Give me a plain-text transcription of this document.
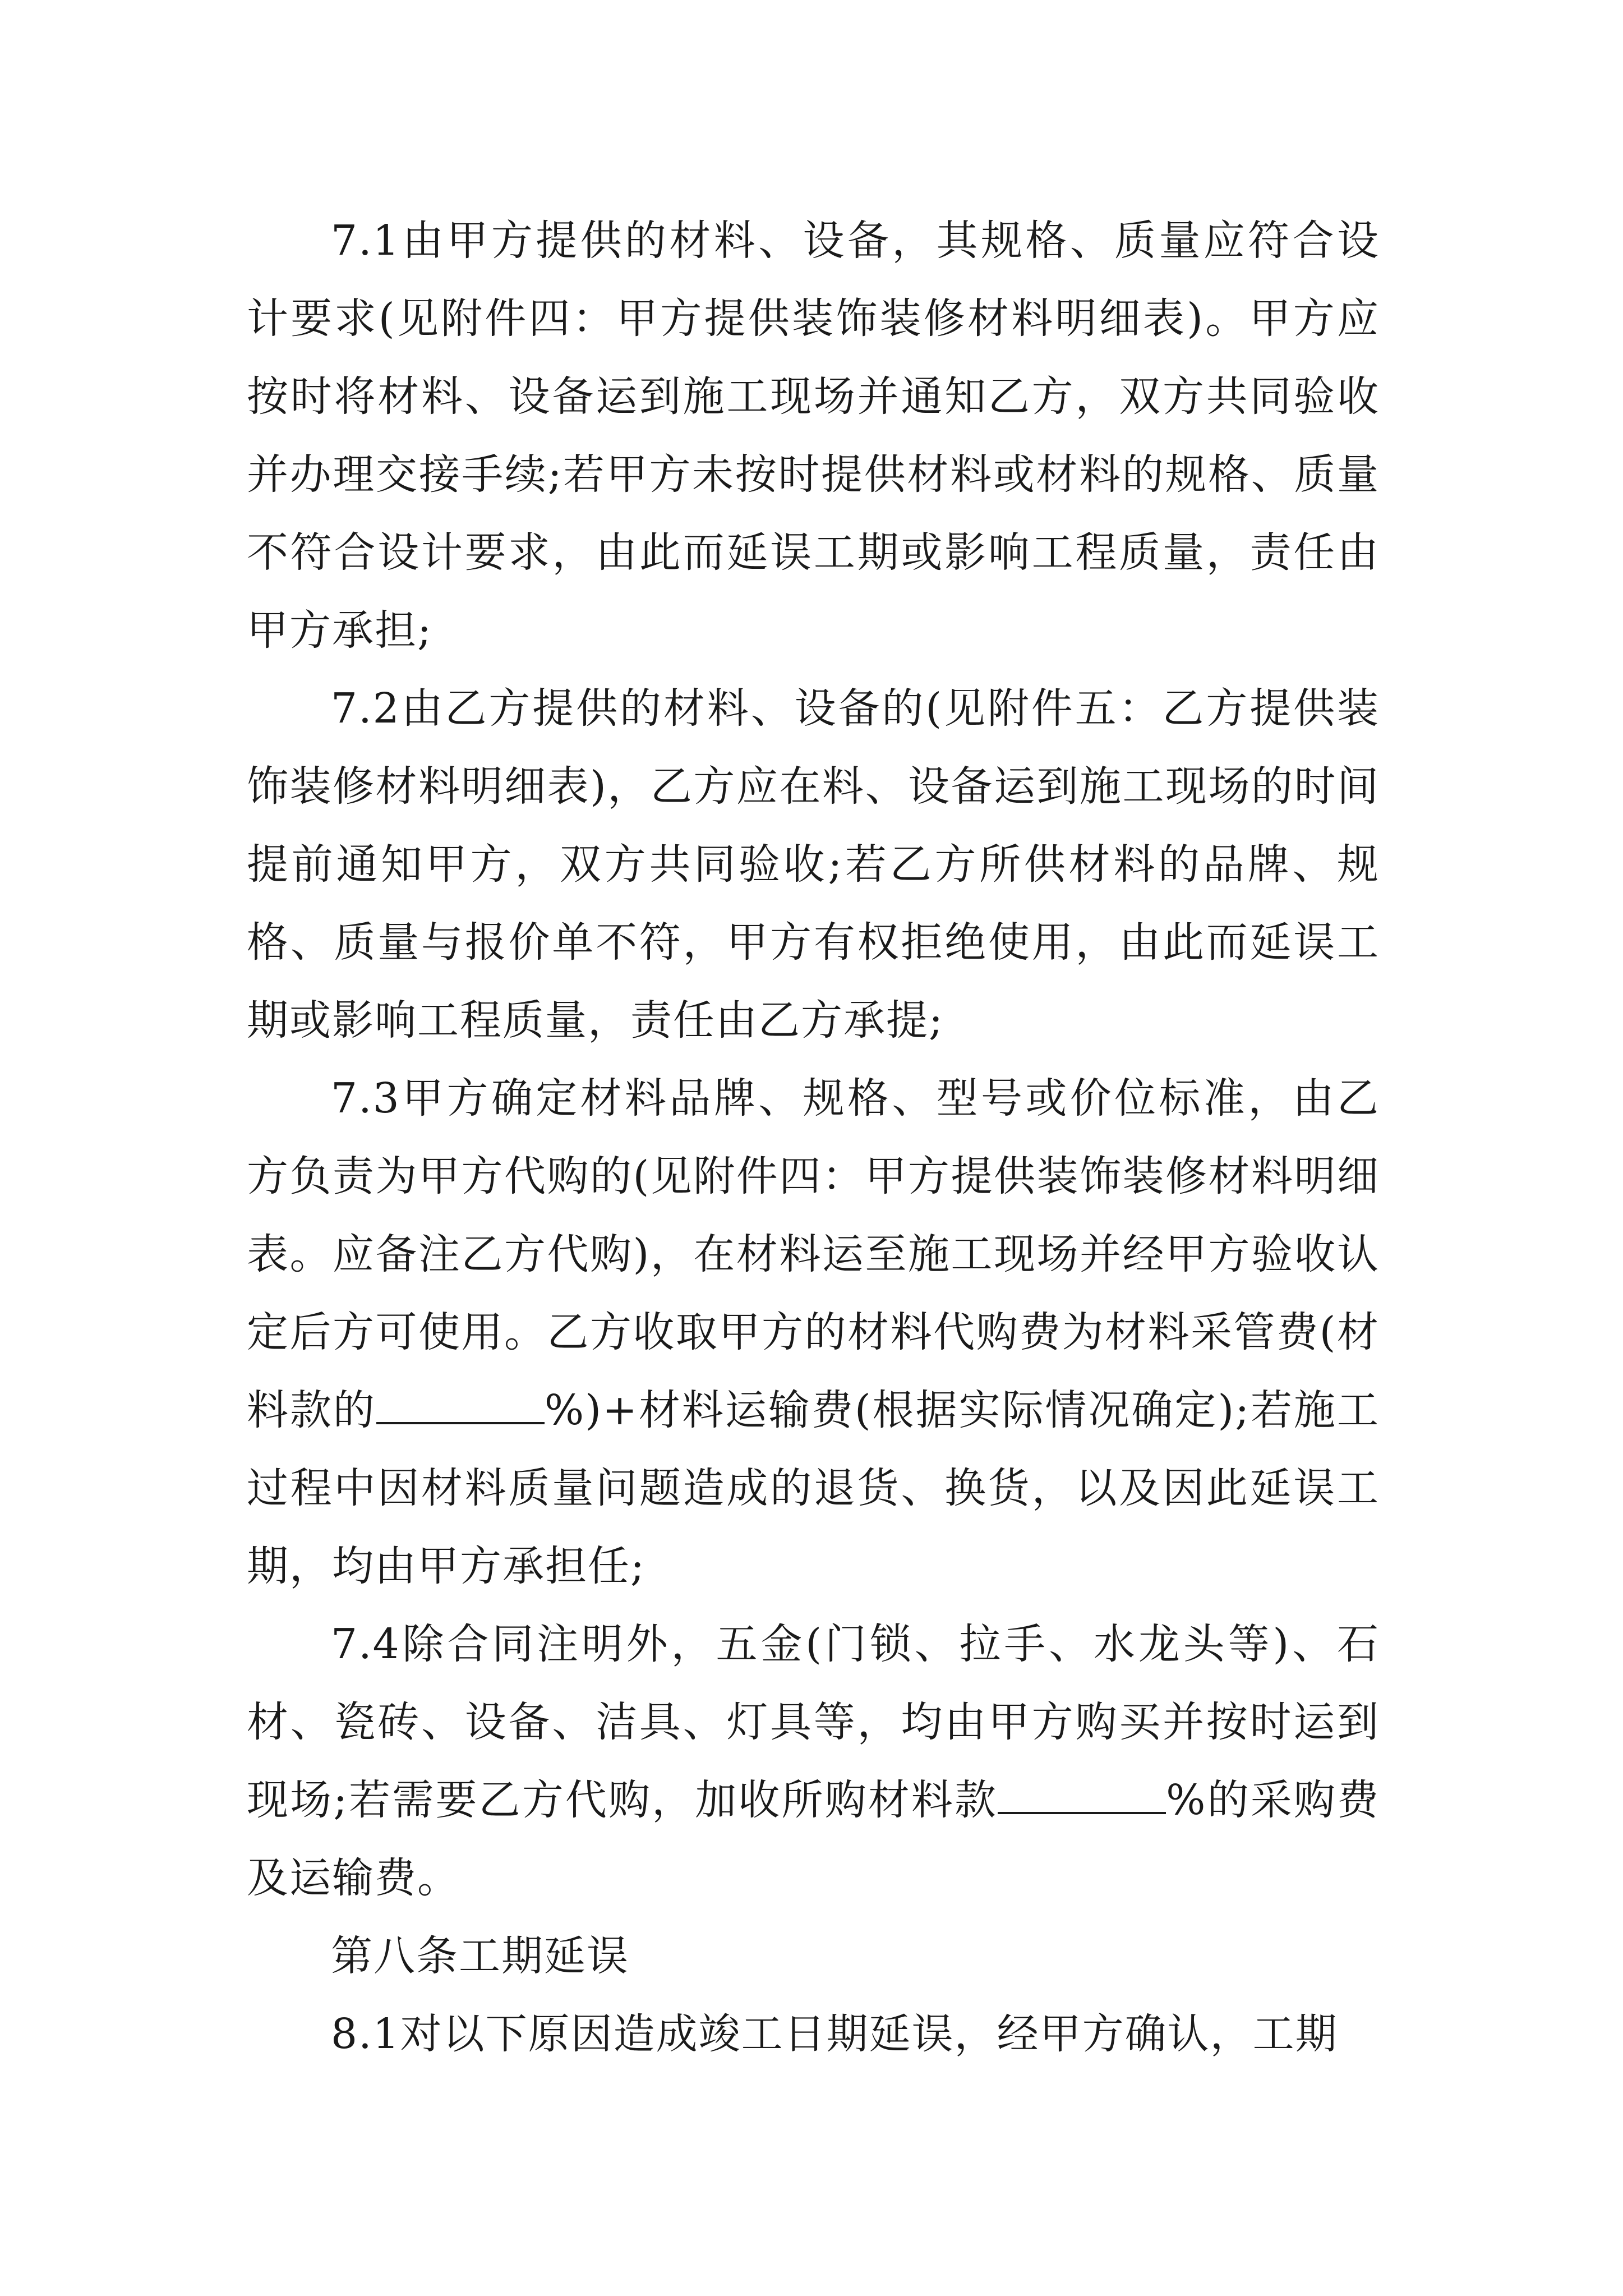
7.1由甲方提供的材料、设备，其规格、质量应符合设计要求(见附件四：甲方提供装饰装修材料明细表)。甲方应按时将材料、设备运到施工现场并通知乙方，双方共同验收并办理交接手续;若甲方未按时提供材料或材料的规格、质量不符合设计要求，由此而延误工期或影响工程质量，责任由甲方承担;

7.2由乙方提供的材料、设备的(见附件五：乙方提供装饰装修材料明细表)，乙方应在料、设备运到施工现场的时间提前通知甲方，双方共同验收;若乙方所供材料的品牌、规格、质量与报价单不符，甲方有权拒绝使用，由此而延误工期或影响工程质量，责任由乙方承提;

7.3甲方确定材料品牌、规格、型号或价位标准，由乙方负责为甲方代购的(见附件四：甲方提供装饰装修材料明细表。应备注乙方代购)，在材料运至施工现场并经甲方验收认定后方可使用。乙方收取甲方的材料代购费为材料采管费(材料款的	%)+材料运输费(根据实际情况确定);若施工过程中因材料质量问题造成的退货、换货，以及因此延误工期，均由甲方承担任;

7.4除合同注明外，五金(门锁、拉手、水龙头等)、石材、瓷砖、设备、洁具、灯具等，均由甲方购买并按时运到现场;若需要乙方代购，加收所购材料款	%的采购费及运输费。

第八条工期延误

8.1对以下原因造成竣工日期延误，经甲方确认，工期
